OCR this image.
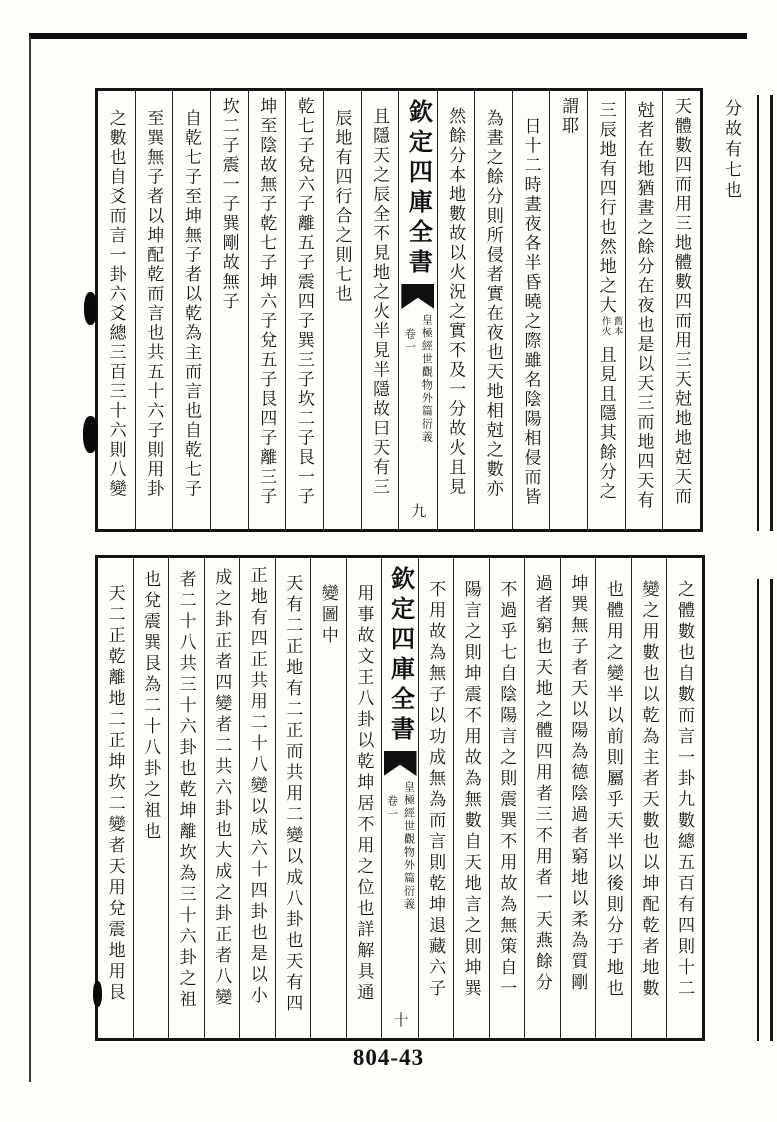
天體數四而用三地體數四而用三天尅地地尅天而
尅者在地猶晝之餘分在夜也是以天三而地四天有
三辰地有四行也然地之大
舊本
作火
且見且隱其餘分之
謂耶
日十二時晝夜各半昏曉之際雖名陰陽相侵而皆
為晝之餘分則所侵者實在夜也天地相尅之數亦
然餘分本地數故以火況之實不及一分故火且見
欽定四庫全書
卷一 皇極經世觀物外篇衍義
九
且隱天之辰全不見地之火半見半隱故曰天有三
辰地有四行合之則七也
乾七子兌六子離五子震四子巽三子坎二子艮一子
坤至陰故無子乾七子坤六子兌五子艮四子離三子
坎二子震一子巽剛故無子
自乾七子至坤無子者以乾為主而言也自乾七子
至巽無子者以坤配乾而言也共五十六子則用卦
之數也自爻而言一卦六爻總三百三十六則八變	分故有七也
之體數也自數而言一卦九數總五百有四則十二
變之用數也以乾為主者天數也以坤配乾者地數
也體用之變半以前則屬乎天半以後則分于地也
坤巽無子者天以陽為德陰過者窮地以柔為質剛
過者窮也天地之體四用者三不用者一天燕餘分
不過乎七自陰陽言之則震巽不用故為無策自一
陽言之則坤震不用故為無數自天地言之則坤巽
不用故為無子以功成無為而言則乾坤退藏六子
欽定四庫全書
卷一 皇極經世觀物外篇衍義
十
用事故文王八卦以乾坤居不用之位也詳解具通
變圖中
天有二正地有二正而共用二變以成八卦也天有四
正地有四正共用二十八變以成六十四卦也是以小
成之卦正者四變者二共六卦也大成之卦正者八變
者二十八共三十六卦也乾坤離坎為三十六卦之祖
也兌震巽艮為二十八卦之祖也
天二正乾離地二正坤坎二變者天用兌震地用艮
804-43
